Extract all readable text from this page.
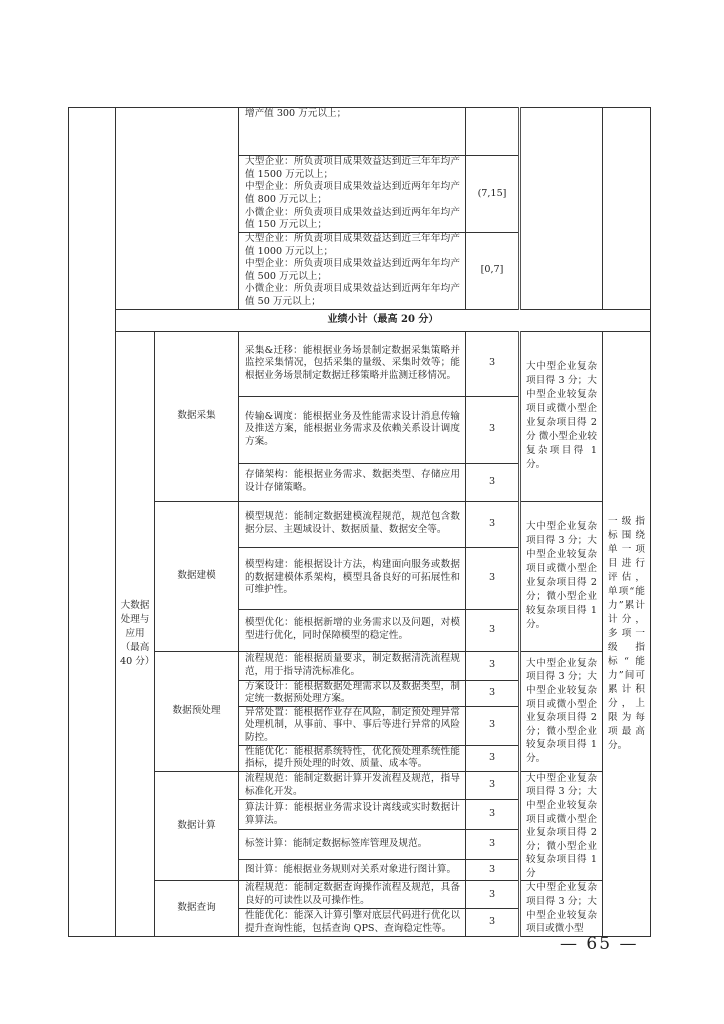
			增产值 300 万元以上；			

			大型企业：所负责项目成果效益达到近三年年均产值 1500 万元以上；
中型企业：所负责项目成果效益达到近两年年均产值 800 万元以上；
小微企业：所负责项目成果效益达到近两年年均产值 150 万元以上；	(7,15]		

			大型企业：所负责项目成果效益达到近三年年均产值 1000 万元以上；
中型企业：所负责项目成果效益达到近两年年均产值 500 万元以上；
小微企业：所负责项目成果效益达到近两年年均产值 50 万元以上；	[0,7]		
	业绩小计（最高 20 分）					
	大数据处理与应用（最高 40 分）	数据采集	采集&迁移：能根据业务场景制定数据采集策略并监控采集情况，包括采集的量级、采集时效等；能根据业务场景制定数据迁移策略并监测迁移情况。	3	大中型企业复杂项目得 3 分；大中型企业较复杂项目或微小型企业复杂项目得 2 分 微小型企业较复杂项目得 1 分。	一级指标围绕单一项目进行评估，单项“能力”累计计分，多项一级指标“能力”间可累计积分，上限为每项最高分。
			传输&调度：能根据业务及性能需求设计消息传输及推送方案，能根据业务需求及依赖关系设计调度方案。	3		
			存储架构：能根据业务需求、数据类型、存储应用设计存储策略。	3		
		数据建模	模型规范：能制定数据建模流程规范，规范包含数据分层、主题域设计、数据质量、数据安全等。	3	大中型企业复杂项目得 3 分；大中型企业较复杂项目或微小型企业复杂项目得 2 分；微小型企业较复杂项目得 1 分。	
			模型构建：能根据设计方法，构建面向服务或数据的数据建模体系架构，模型具备良好的可拓展性和可维护性。	3		
			模型优化：能根据新增的业务需求以及问题，对模型进行优化，同时保障模型的稳定性。	3		
		数据预处理	流程规范：能根据质量要求，制定数据清洗流程规范，用于指导清洗标准化。	3	大中型企业复杂项目得 3 分；大中型企业较复杂项目或微小型企业复杂项目得 2 分；微小型企业较复杂项目得 1 分。	
			方案设计：能根据数据处理需求以及数据类型，制定统一数据预处理方案。	3		
			异常处置：能根据作业存在风险，制定预处理异常处理机制，从事前、事中、事后等进行异常的风险防控。	3		
			性能优化：能根据系统特性，优化预处理系统性能指标，提升预处理的时效、质量、成本等。	3		
		数据计算	流程规范：能制定数据计算开发流程及规范，指导标准化开发。	3	大中型企业复杂项目得 3 分；大中型企业较复杂项目或微小型企业复杂项目得 2 分；微小型企业较复杂项目得 1 分	
			算法计算：能根据业务需求设计离线或实时数据计算算法。	3		
			标签计算：能制定数据标签库管理及规范。	3		
			图计算：能根据业务规则对关系对象进行图计算。	3		
		数据查询	流程规范：能制定数据查询操作流程及规范，具备良好的可读性以及可操作性。	3	大中型企业复杂项目得 3 分；大中型企业较复杂项目或微小型	
			性能优化：能深入计算引擎对底层代码进行优化以提升查询性能，包括查询 QPS、查询稳定性等。	3		
— 65 —
